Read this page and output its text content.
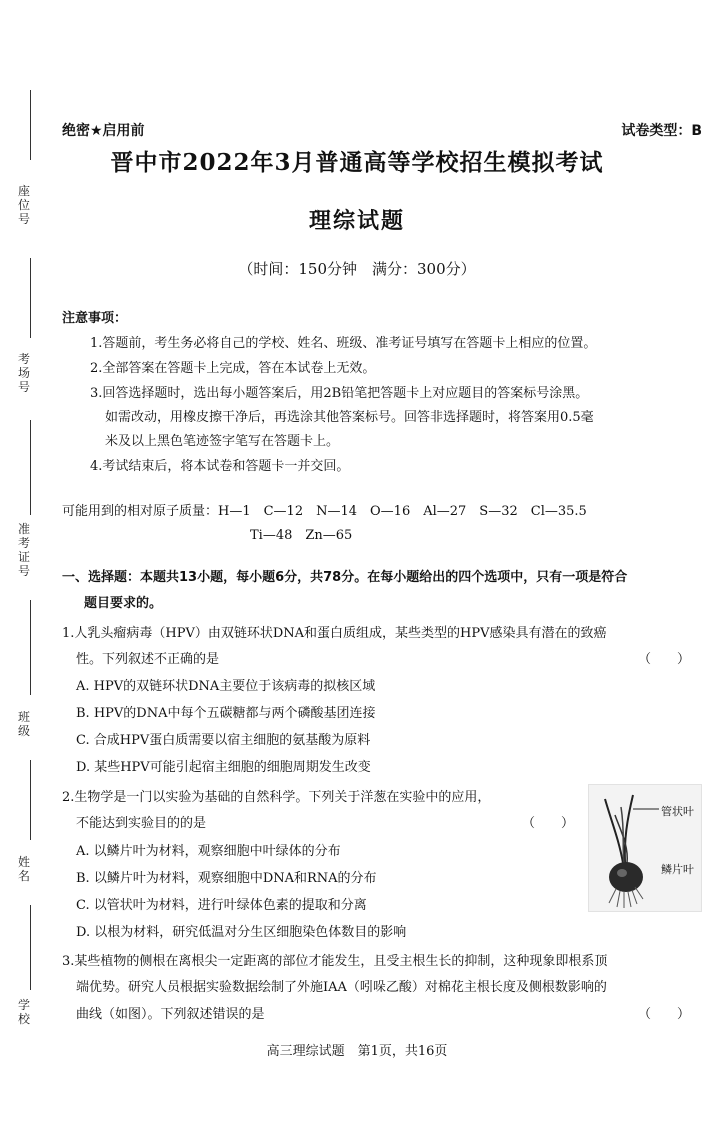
座
位
号
考
场
号
准
考
证
号
班
级
姓
名
学
校
绝密★启用前	试卷类型：B
晋中市2022年3月普通高等学校招生模拟考试
理综试题
（时间：150分钟　满分：300分）
注意事项：
1.答题前，考生务必将自己的学校、姓名、班级、准考证号填写在答题卡上相应的位置。
2.全部答案在答题卡上完成，答在本试卷上无效。
3.回答选择题时，选出每小题答案后，用2B铅笔把答题卡上对应题目的答案标号涂黑。
如需改动，用橡皮擦干净后，再选涂其他答案标号。回答非选择题时，将答案用0.5毫
米及以上黑色笔迹签字笔写在答题卡上。
4.考试结束后，将本试卷和答题卡一并交回。
可能用到的相对原子质量：H—1　C—12　N—14　O—16　Al—27　S—32　Cl—35.5
Ti—48　Zn—65
一、选择题：本题共13小题，每小题6分，共78分。在每小题给出的四个选项中，只有一项是符合
题目要求的。
1.人乳头瘤病毒（HPV）由双链环状DNA和蛋白质组成，某些类型的HPV感染具有潜在的致癌
性。下列叙述不正确的是	（　　）
A. HPV的双链环状DNA主要位于该病毒的拟核区域
B. HPV的DNA中每个五碳糖都与两个磷酸基团连接
C. 合成HPV蛋白质需要以宿主细胞的氨基酸为原料
D. 某些HPV可能引起宿主细胞的细胞周期发生改变
2.生物学是一门以实验为基础的自然科学。下列关于洋葱在实验中的应用，
不能达到实验目的的是	（　　）
A. 以鳞片叶为材料，观察细胞中叶绿体的分布
B. 以鳞片叶为材料，观察细胞中DNA和RNA的分布
C. 以管状叶为材料，进行叶绿体色素的提取和分离
D. 以根为材料，研究低温对分生区细胞染色体数目的影响
管状叶
鳞片叶
3.某些植物的侧根在离根尖一定距离的部位才能发生，且受主根生长的抑制，这种现象即根系顶
端优势。研究人员根据实验数据绘制了外施IAA（吲哚乙酸）对棉花主根长度及侧根数影响的
曲线（如图）。下列叙述错误的是	（　　）
高三理综试题　第1页，共16页
